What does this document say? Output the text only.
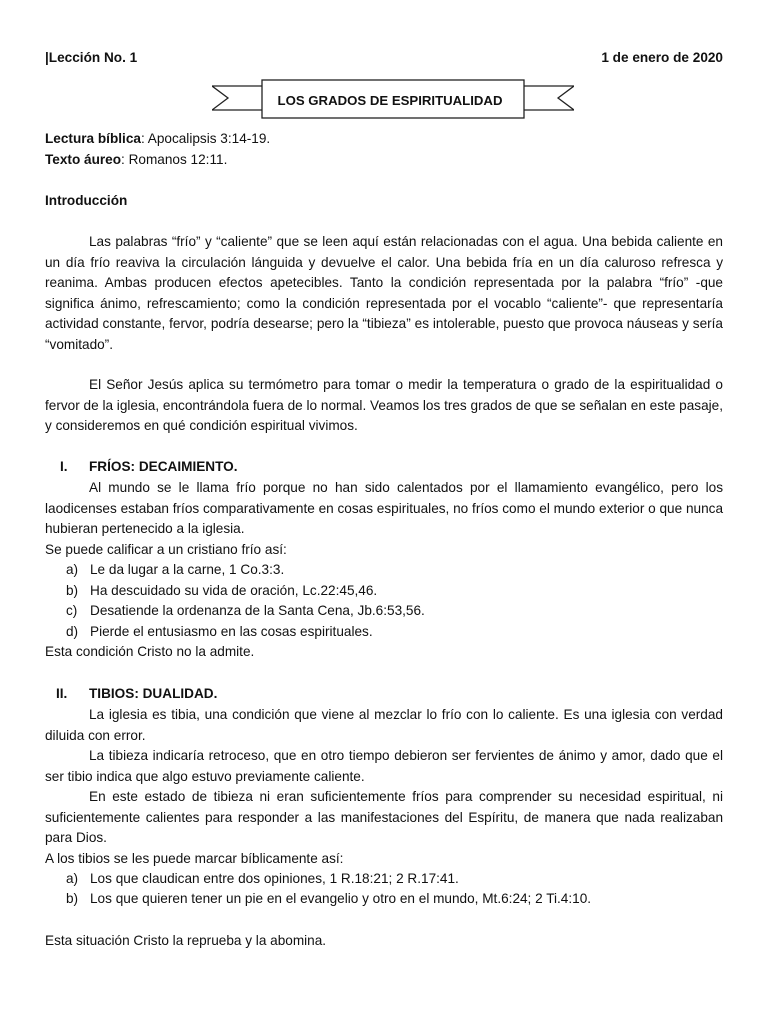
|Lección No. 1	1 de enero de 2020
LOS GRADOS DE ESPIRITUALIDAD
Lectura bíblica: Apocalipsis 3:14-19.
Texto áureo: Romanos 12:11.
Introducción
Las palabras “frío” y “caliente” que se leen aquí están relacionadas con el agua. Una bebida caliente en un día frío reaviva la circulación lánguida y devuelve el calor. Una bebida fría en un día caluroso refresca y reanima. Ambas producen efectos apetecibles. Tanto la condición representada por la palabra “frío” -que significa ánimo, refrescamiento; como la condición representada por el vocablo “caliente”- que representaría actividad constante, fervor, podría desearse; pero la “tibieza” es intolerable, puesto que provoca náuseas y sería “vomitado”.
El Señor Jesús aplica su termómetro para tomar o medir la temperatura o grado de la espiritualidad o fervor de la iglesia, encontrándola fuera de lo normal. Veamos los tres grados de que se señalan en este pasaje, y consideremos en qué condición espiritual vivimos.
I. FRÍOS: DECAIMIENTO.
Al mundo se le llama frío porque no han sido calentados por el llamamiento evangélico, pero los laodicenses estaban fríos comparativamente en cosas espirituales, no fríos como el mundo exterior o que nunca hubieran pertenecido a la iglesia.
Se puede calificar a un cristiano frío así:
a) Le da lugar a la carne, 1 Co.3:3.
b) Ha descuidado su vida de oración, Lc.22:45,46.
c) Desatiende la ordenanza de la Santa Cena, Jb.6:53,56.
d) Pierde el entusiasmo en las cosas espirituales.
Esta condición Cristo no la admite.
II. TIBIOS: DUALIDAD.
La iglesia es tibia, una condición que viene al mezclar lo frío con lo caliente. Es una iglesia con verdad diluida con error.
La tibieza indicaría retroceso, que en otro tiempo debieron ser fervientes de ánimo y amor, dado que el ser tibio indica que algo estuvo previamente caliente.
En este estado de tibieza ni eran suficientemente fríos para comprender su necesidad espiritual, ni suficientemente calientes para responder a las manifestaciones del Espíritu, de manera que nada realizaban para Dios.
A los tibios se les puede marcar bíblicamente así:
a) Los que claudican entre dos opiniones, 1 R.18:21; 2 R.17:41.
b) Los que quieren tener un pie en el evangelio y otro en el mundo, Mt.6:24; 2 Ti.4:10.
Esta situación Cristo la reprueba y la abomina.
